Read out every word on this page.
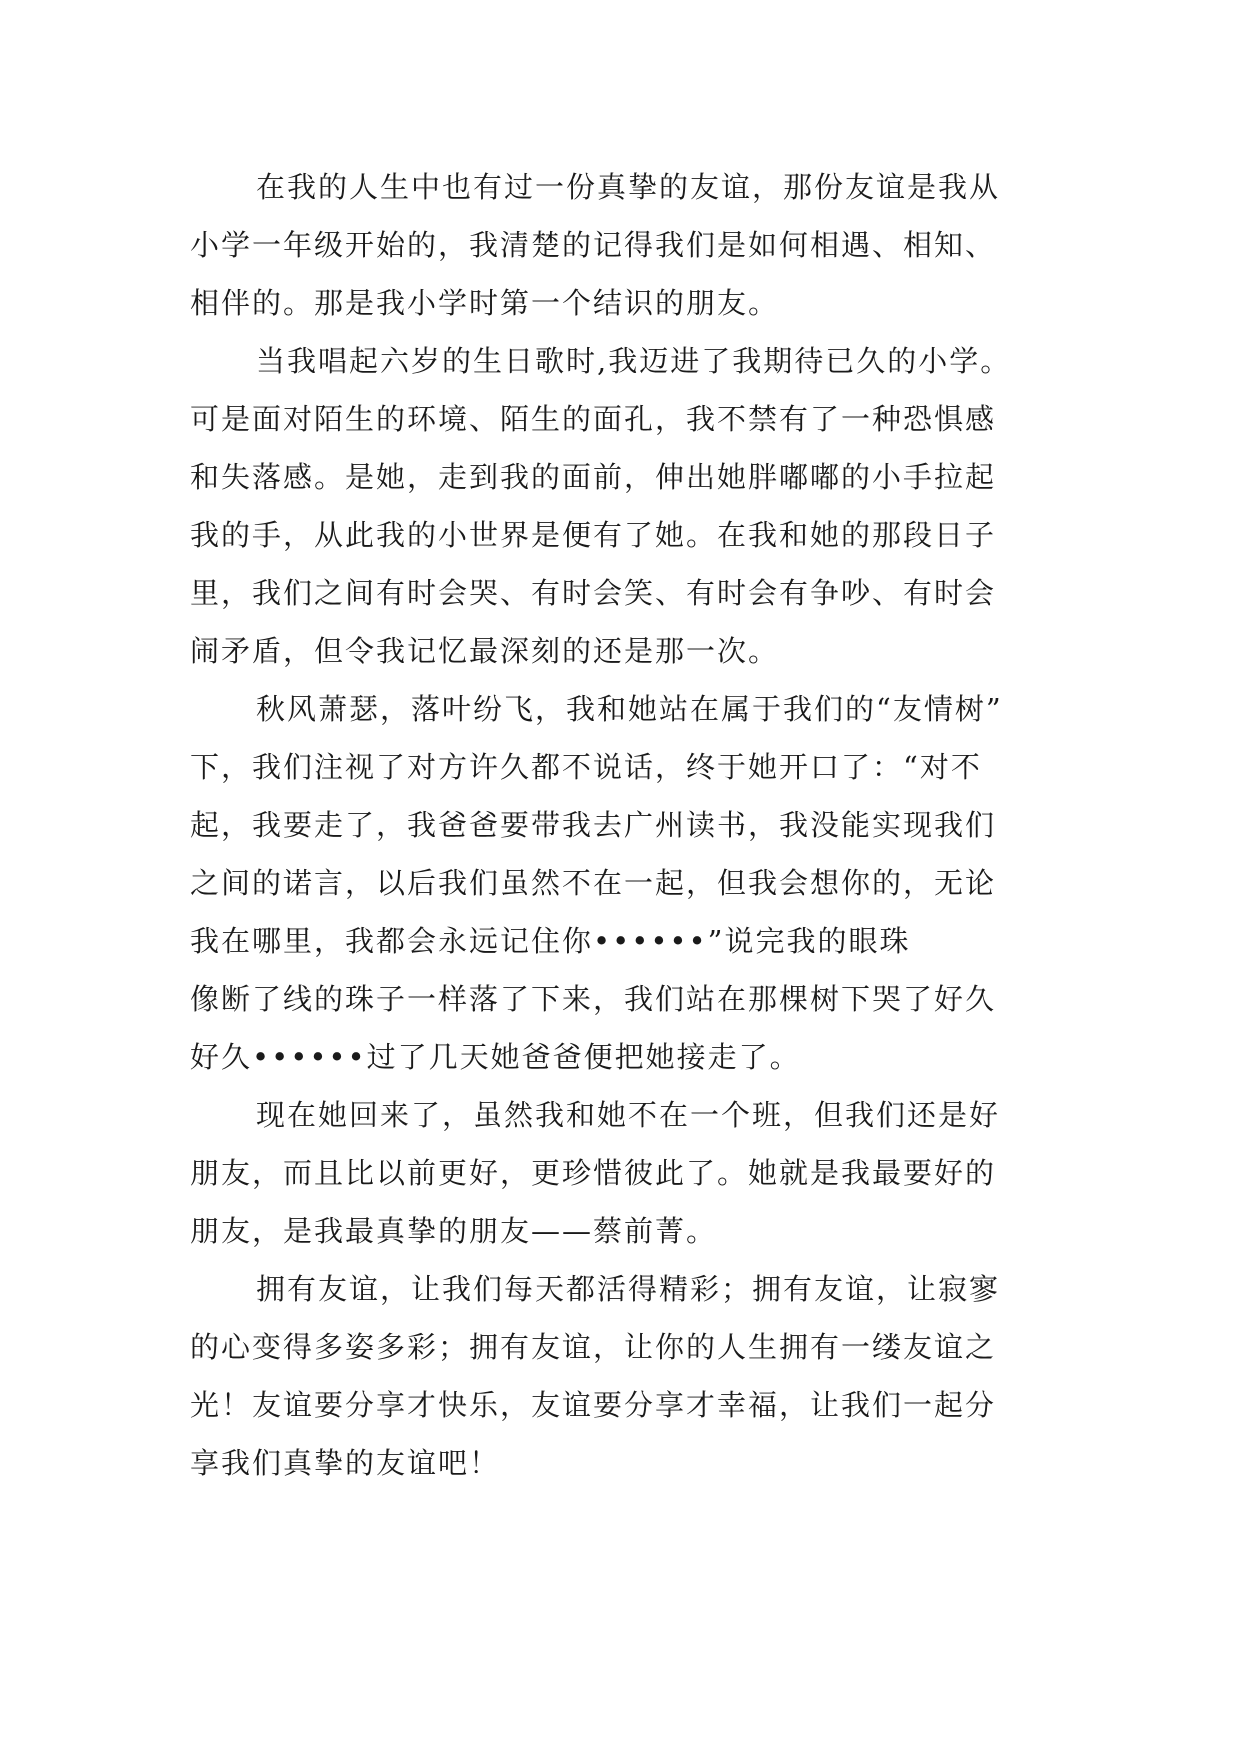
在我的人生中也有过一份真挚的友谊，那份友谊是我从
小学一年级开始的，我清楚的记得我们是如何相遇、相知、
相伴的。那是我小学时第一个结识的朋友。
当我唱起六岁的生日歌时,我迈进了我期待已久的小学。
可是面对陌生的环境、陌生的面孔，我不禁有了一种恐惧感
和失落感。是她，走到我的面前，伸出她胖嘟嘟的小手拉起
我的手，从此我的小世界是便有了她。在我和她的那段日子
里，我们之间有时会哭、有时会笑、有时会有争吵、有时会
闹矛盾，但令我记忆最深刻的还是那一次。
秋风萧瑟，落叶纷飞，我和她站在属于我们的“友情树”
下，我们注视了对方许久都不说话，终于她开口了：“对不
起，我要走了，我爸爸要带我去广州读书，我没能实现我们
之间的诺言，以后我们虽然不在一起，但我会想你的，无论
我在哪里，我都会永远记住你••••••”说完我的眼珠
像断了线的珠子一样落了下来，我们站在那棵树下哭了好久
好久••••••过了几天她爸爸便把她接走了。
现在她回来了，虽然我和她不在一个班，但我们还是好
朋友，而且比以前更好，更珍惜彼此了。她就是我最要好的
朋友，是我最真挚的朋友——蔡前菁。
拥有友谊，让我们每天都活得精彩；拥有友谊，让寂寥
的心变得多姿多彩；拥有友谊，让你的人生拥有一缕友谊之
光！友谊要分享才快乐，友谊要分享才幸福，让我们一起分
享我们真挚的友谊吧！
